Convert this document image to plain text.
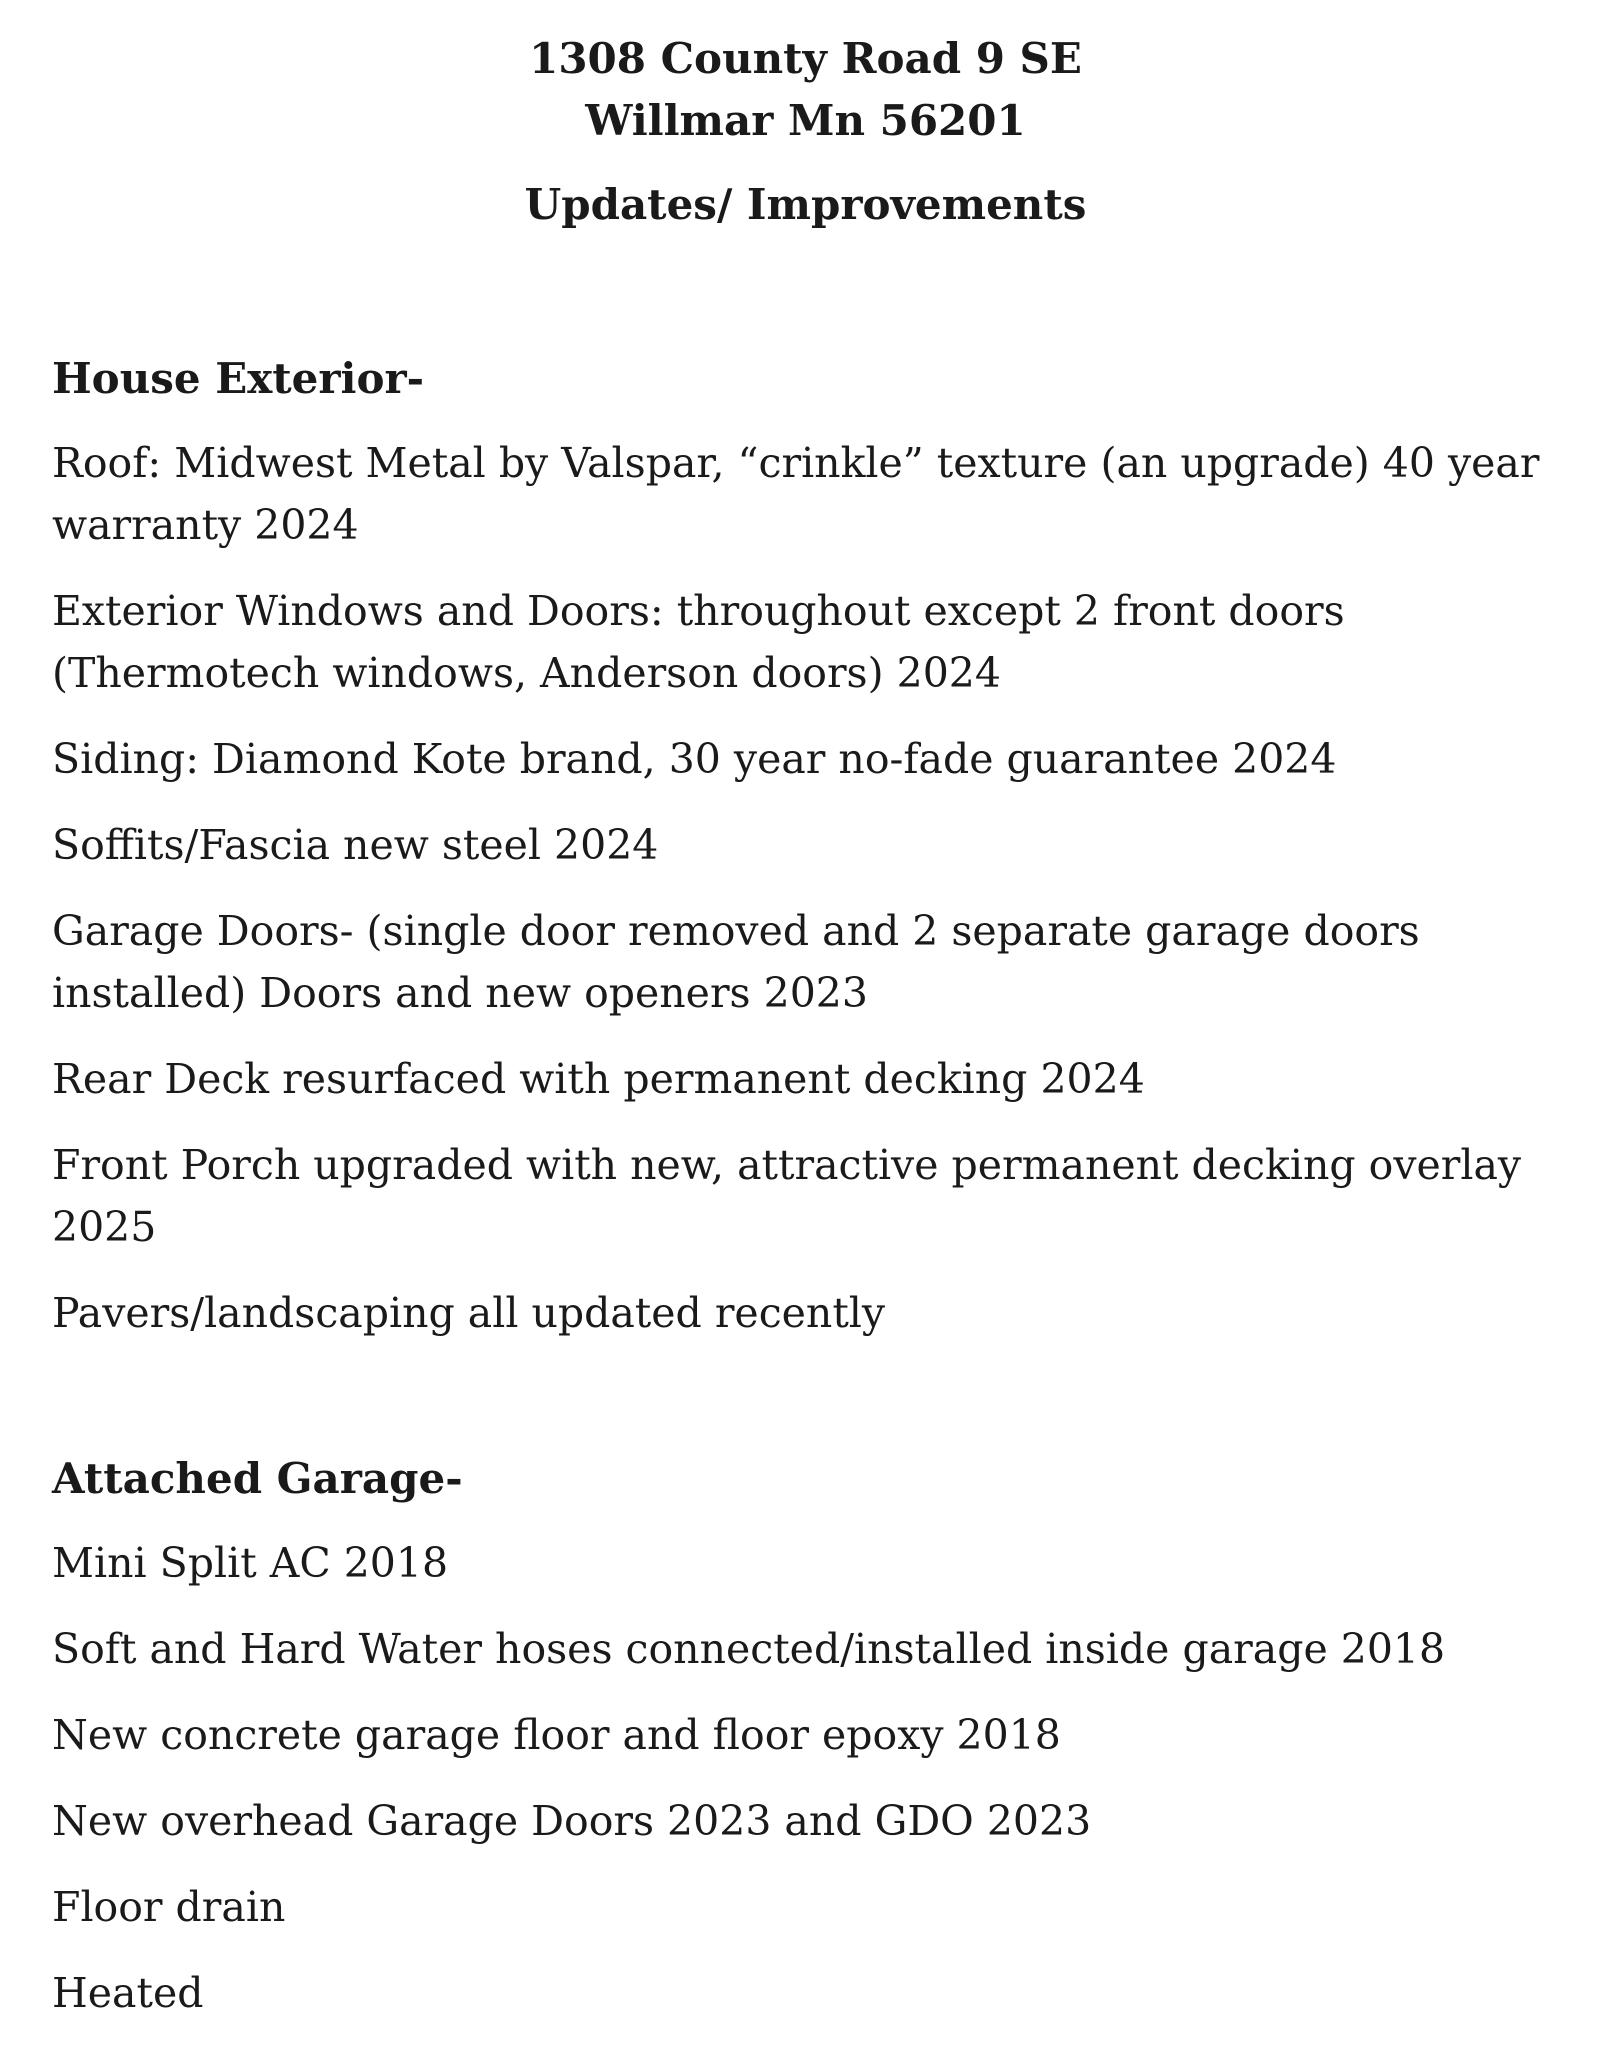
1308 County Road 9 SE
Willmar Mn 56201
Updates/ Improvements
House Exterior-
Roof: Midwest Metal by Valspar, “crinkle” texture (an upgrade) 40 year warranty 2024
Exterior Windows and Doors: throughout except 2 front doors (Thermotech windows, Anderson doors) 2024
Siding: Diamond Kote brand, 30 year no-fade guarantee 2024
Soffits/Fascia new steel 2024
Garage Doors- (single door removed and 2 separate garage doors installed) Doors and new openers 2023
Rear Deck resurfaced with permanent decking 2024
Front Porch upgraded with new, attractive permanent decking overlay 2025
Pavers/landscaping all updated recently
Attached Garage-
Mini Split AC 2018
Soft and Hard Water hoses connected/installed inside garage 2018
New concrete garage floor and floor epoxy 2018
New overhead Garage Doors 2023 and GDO 2023
Floor drain
Heated
